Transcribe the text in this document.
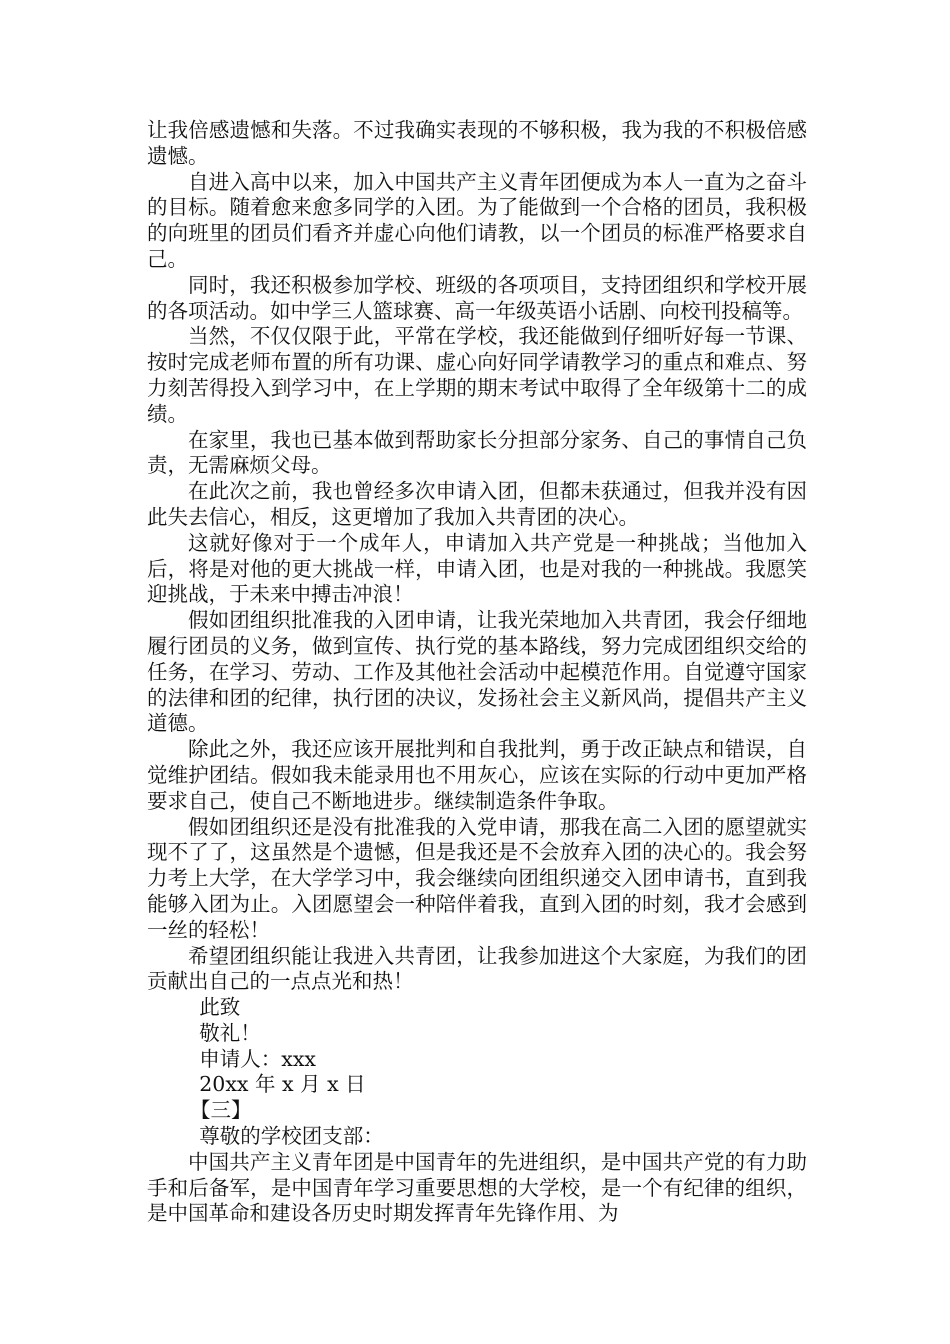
让我倍感遗憾和失落。不过我确实表现的不够积极，我为我的不积极倍感遗憾。

自进入高中以来，加入中国共产主义青年团便成为本人一直为之奋斗的目标。随着愈来愈多同学的入团。为了能做到一个合格的团员，我积极的向班里的团员们看齐并虚心向他们请教，以一个团员的标准严格要求自己。

同时，我还积极参加学校、班级的各项项目，支持团组织和学校开展的各项活动。如中学三人篮球赛、高一年级英语小话剧、向校刊投稿等。

当然，不仅仅限于此，平常在学校，我还能做到仔细听好每一节课、按时完成老师布置的所有功课、虚心向好同学请教学习的重点和难点、努力刻苦得投入到学习中，在上学期的期末考试中取得了全年级第十二的成绩。

在家里，我也已基本做到帮助家长分担部分家务、自己的事情自己负责，无需麻烦父母。

在此次之前，我也曾经多次申请入团，但都未获通过，但我并没有因此失去信心，相反，这更增加了我加入共青团的决心。

这就好像对于一个成年人，申请加入共产党是一种挑战；当他加入后，将是对他的更大挑战一样，申请入团，也是对我的一种挑战。我愿笑迎挑战，于未来中搏击冲浪！

假如团组织批准我的入团申请，让我光荣地加入共青团，我会仔细地履行团员的义务，做到宣传、执行党的基本路线，努力完成团组织交给的任务，在学习、劳动、工作及其他社会活动中起模范作用。自觉遵守国家的法律和团的纪律，执行团的决议，发扬社会主义新风尚，提倡共产主义道德。

除此之外，我还应该开展批判和自我批判，勇于改正缺点和错误，自觉维护团结。假如我未能录用也不用灰心，应该在实际的行动中更加严格要求自己，使自己不断地进步。继续制造条件争取。

假如团组织还是没有批准我的入党申请，那我在高二入团的愿望就实现不了了，这虽然是个遗憾，但是我还是不会放弃入团的决心的。我会努力考上大学，在大学学习中，我会继续向团组织递交入团申请书，直到我能够入团为止。入团愿望会一种陪伴着我，直到入团的时刻，我才会感到一丝的轻松！

希望团组织能让我进入共青团，让我参加进这个大家庭，为我们的团贡献出自己的一点点光和热！

此致

敬礼！

申请人：xxx

20xx 年 x 月 x 日

【三】

尊敬的学校团支部：

中国共产主义青年团是中国青年的先进组织，是中国共产党的有力助手和后备军，是中国青年学习重要思想的大学校，是一个有纪律的组织，是中国革命和建设各历史时期发挥青年先锋作用、为
